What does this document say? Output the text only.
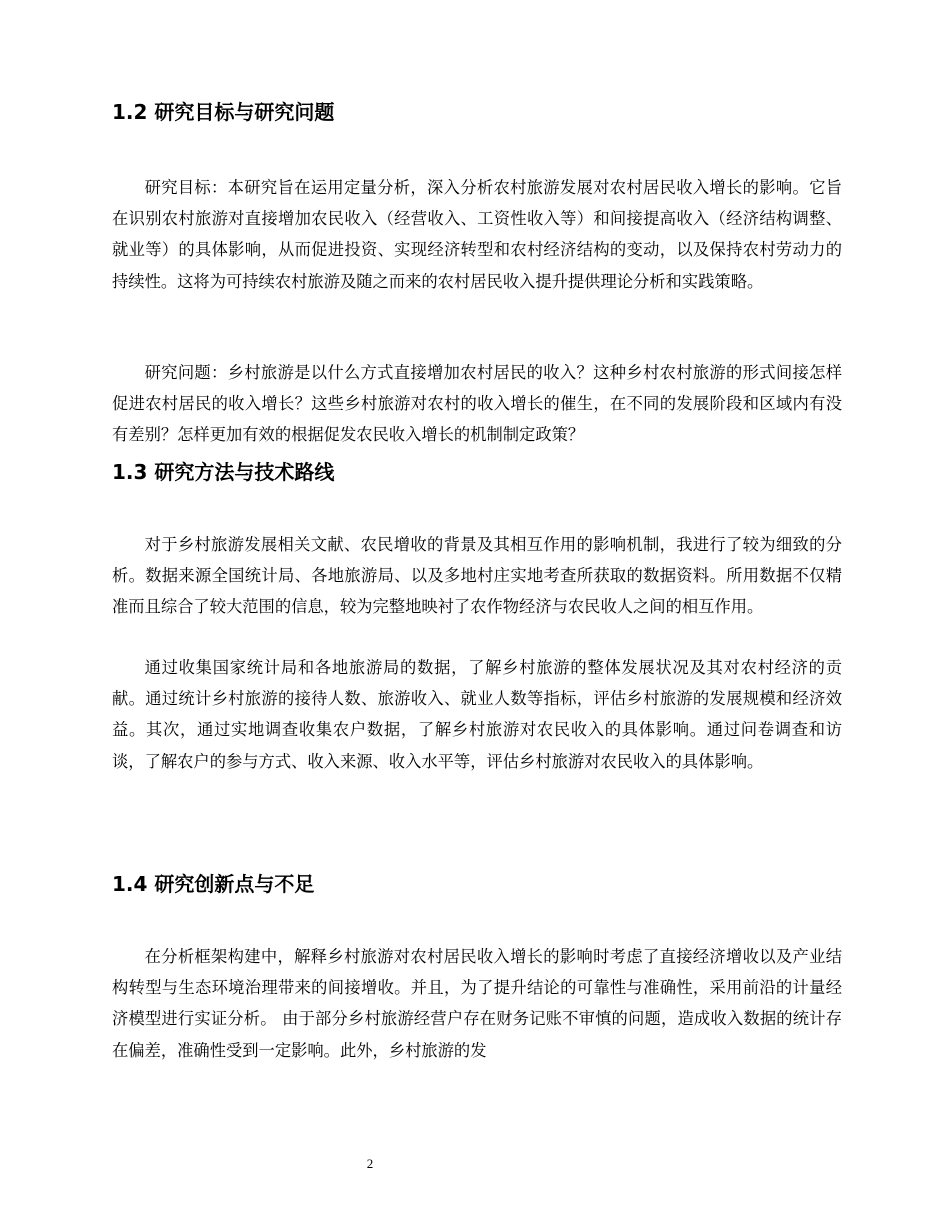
1.2 研究目标与研究问题

研究目标：本研究旨在运用定量分析，深入分析农村旅游发展对农村居民收入增长的影响。它旨在识别农村旅游对直接增加农民收入（经营收入、工资性收入等）和间接提高收入（经济结构调整、就业等）的具体影响，从而促进投资、实现经济转型和农村经济结构的变动，以及保持农村劳动力的持续性。这将为可持续农村旅游及随之而来的农村居民收入提升提供理论分析和实践策略。

研究问题：乡村旅游是以什么方式直接增加农村居民的收入？这种乡村农村旅游的形式间接怎样促进农村居民的收入增长？这些乡村旅游对农村的收入增长的催生，在不同的发展阶段和区域内有没有差别？怎样更加有效的根据促发农民收入增长的机制制定政策？

1.3 研究方法与技术路线

对于乡村旅游发展相关文献、农民增收的背景及其相互作用的影响机制，我进行了较为细致的分析。数据来源全国统计局、各地旅游局、以及多地村庄实地考查所获取的数据资料。所用数据不仅精准而且综合了较大范围的信息，较为完整地映衬了农作物经济与农民收人之间的相互作用。

通过收集国家统计局和各地旅游局的数据，了解乡村旅游的整体发展状况及其对农村经济的贡献。通过统计乡村旅游的接待人数、旅游收入、就业人数等指标，评估乡村旅游的发展规模和经济效益。其次，通过实地调查收集农户数据，了解乡村旅游对农民收入的具体影响。通过问卷调查和访谈，了解农户的参与方式、收入来源、收入水平等，评估乡村旅游对农民收入的具体影响。

1.4 研究创新点与不足

在分析框架构建中，解释乡村旅游对农村居民收入增长的影响时考虑了直接经济增收以及产业结构转型与生态环境治理带来的间接增收。并且，为了提升结论的可靠性与准确性，采用前沿的计量经济模型进行实证分析。 由于部分乡村旅游经营户存在财务记账不审慎的问题，造成收入数据的统计存在偏差，准确性受到一定影响。此外，乡村旅游的发

2
